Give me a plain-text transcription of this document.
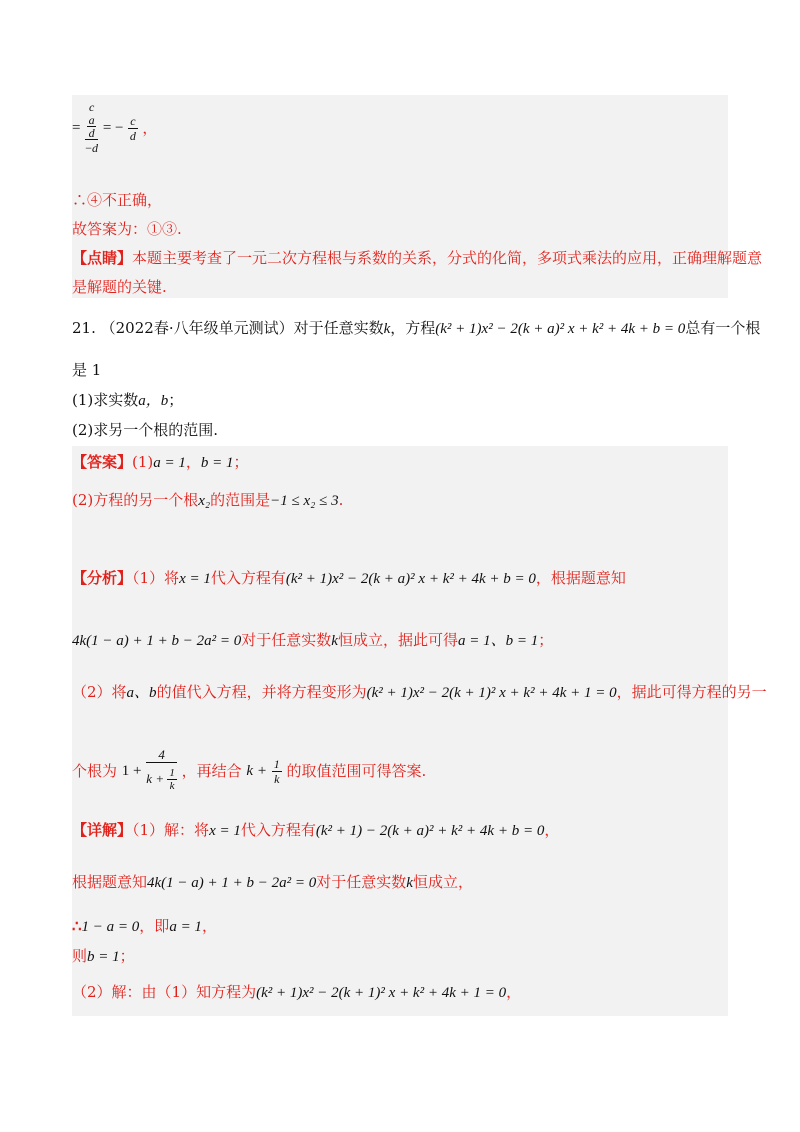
= c
a
d
−d = − $\frac{c}{d}$ ，
∴④不正确，
故答案为：①③.
【点睛】本题主要考查了一元二次方程根与系数的关系，分式的化简，多项式乘法的应用，正确理解题意
是解题的关键.
21. （2022春·八年级单元测试）对于任意实数k，方程(k² + 1)x² − 2(k + a)² x + k² + 4k + b = 0总有一个根
是 1
(1)求实数a，b；
(2)求另一个根的范围.
【答案】(1)a = 1，b = 1；
(2)方程的另一个根x₂的范围是−1 ≤ x₂ ≤ 3.
【分析】（1）将x = 1代入方程有(k² + 1)x² − 2(k + a)² x + k² + 4k + b = 0，根据题意知
4k(1 − a) + 1 + b − 2a² = 0对于任意实数k恒成立，据此可得a = 1、b = 1；
（2）将a、b的值代入方程，并将方程变形为(k² + 1)x² − 2(k + 1)² x + k² + 4k + 1 = 0，据此可得方程的另一
个根为 $1 + \frac{4}{k + \frac{1}{k}}$ ，再结合 $k + \frac{1}{k}$ 的取值范围可得答案.
【详解】（1）解：将x = 1代入方程有(k² + 1) − 2(k + a)² + k² + 4k + b = 0，
根据题意知4k(1 − a) + 1 + b − 2a² = 0对于任意实数k恒成立，
∴1 − a = 0，即a = 1，
则b = 1；
（2）解：由（1）知方程为(k² + 1)x² − 2(k + 1)² x + k² + 4k + 1 = 0，
